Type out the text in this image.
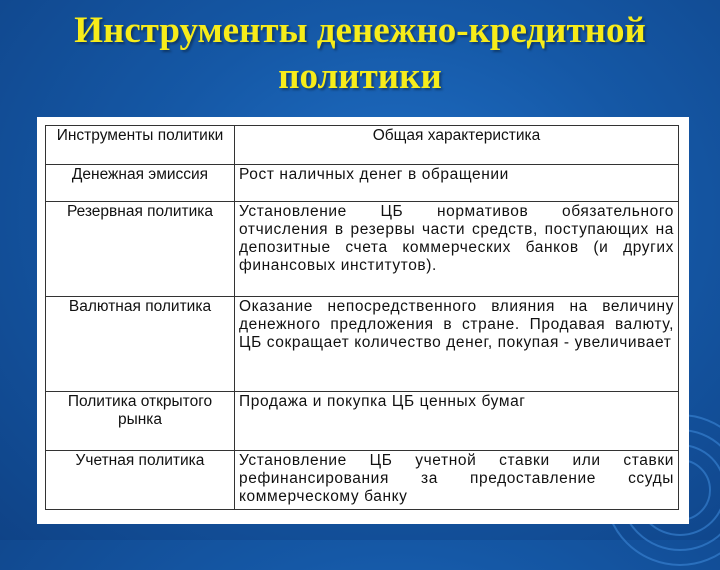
Инструменты денежно-кредитной
политики
Инструменты политики	Общая характеристика
Денежная эмиссия	Рост наличных денег в обращении
Резервная политика	Установление ЦБ нормативов обязательного отчисления в резервы части средств, поступающих на депозитные счета коммерческих банков (и других финансовых институтов).
Валютная политика	Оказание непосредственного влияния на величину денежного предложения в стране. Продавая валюту, ЦБ сокращает количество денег, покупая - увеличивает
Политика открытого рынка	Продажа и покупка ЦБ ценных бумаг
Учетная политика	Установление ЦБ учетной ставки или ставки рефинансирования за предоставление ссуды коммерческому банку
